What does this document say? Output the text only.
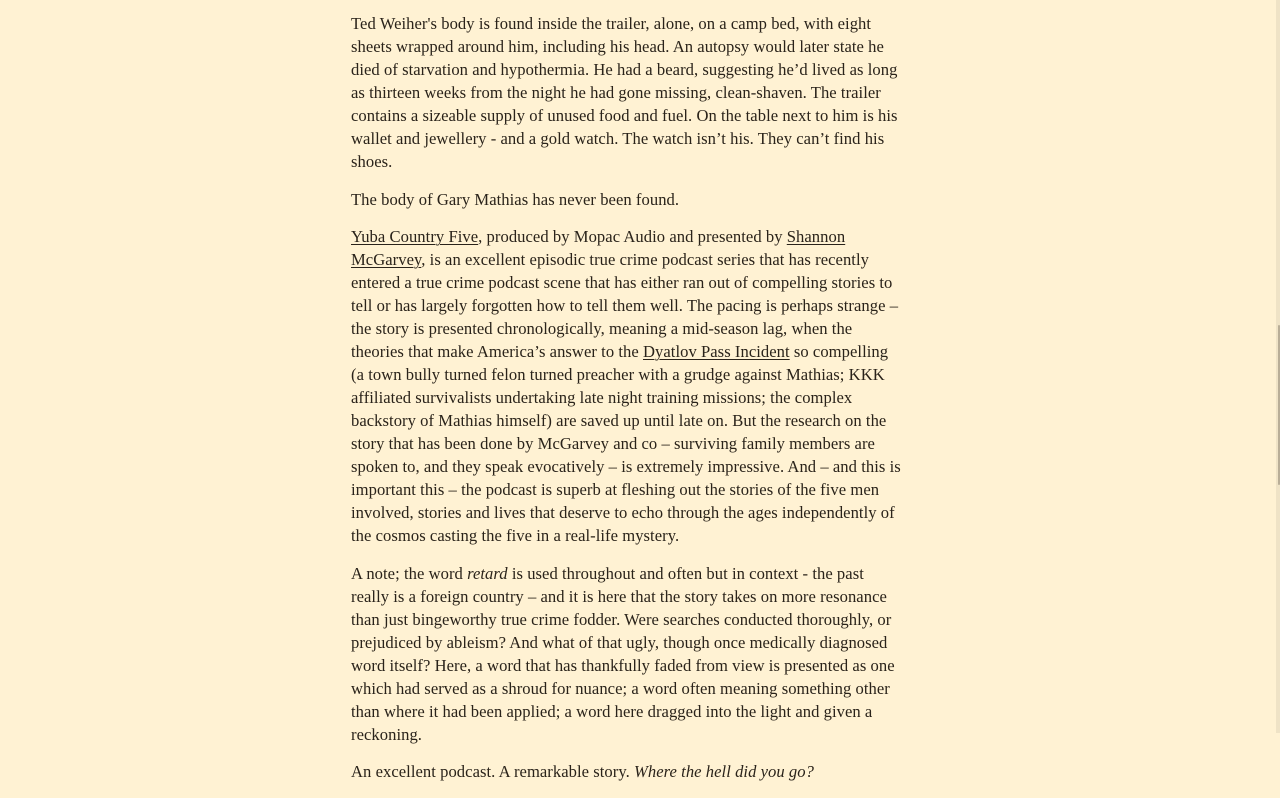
Ted Weiher's body is found inside the trailer, alone, on a camp bed, with eight sheets wrapped around him, including his head. An autopsy would later state he died of starvation and hypothermia. He had a beard, suggesting he’d lived as long as thirteen weeks from the night he had gone missing, clean-shaven. The trailer contains a sizeable supply of unused food and fuel. On the table next to him is his wallet and jewellery - and a gold watch. The watch isn’t his. They can’t find his shoes.

The body of Gary Mathias has never been found.

Yuba Country Five, produced by Mopac Audio and presented by Shannon McGarvey, is an excellent episodic true crime podcast series that has recently entered a true crime podcast scene that has either ran out of compelling stories to tell or has largely forgotten how to tell them well. The pacing is perhaps strange – the story is presented chronologically, meaning a mid-season lag, when the theories that make America’s answer to the Dyatlov Pass Incident so compelling (a town bully turned felon turned preacher with a grudge against Mathias; KKK affiliated survivalists undertaking late night training missions; the complex backstory of Mathias himself) are saved up until late on. But the research on the story that has been done by McGarvey and co – surviving family members are spoken to, and they speak evocatively – is extremely impressive. And – and this is important this – the podcast is superb at fleshing out the stories of the five men involved, stories and lives that deserve to echo through the ages independently of the cosmos casting the five in a real-life mystery.

A note; the word retard is used throughout and often but in context - the past really is a foreign country – and it is here that the story takes on more resonance than just bingeworthy true crime fodder. Were searches conducted thoroughly, or prejudiced by ableism? And what of that ugly, though once medically diagnosed word itself? Here, a word that has thankfully faded from view is presented as one which had served as a shroud for nuance; a word often meaning something other than where it had been applied; a word here dragged into the light and given a reckoning.

An excellent podcast. A remarkable story. Where the hell did you go?
